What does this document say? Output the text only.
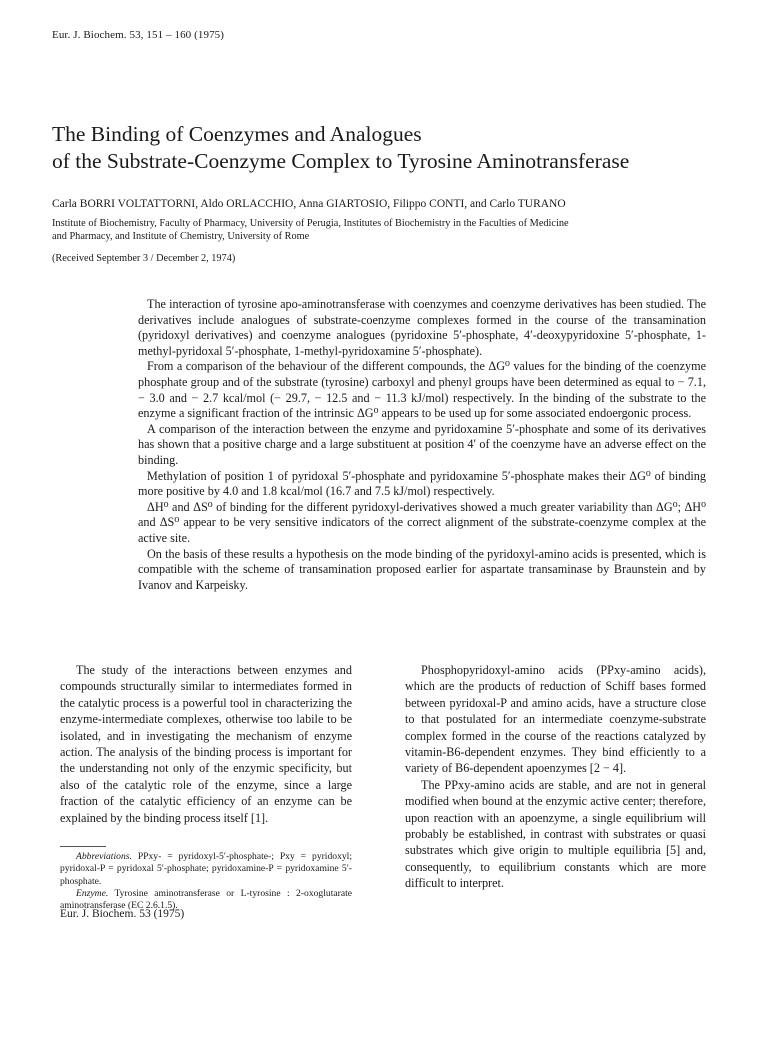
Eur. J. Biochem. 53, 151 – 160 (1975)
The Binding of Coenzymes and Analogues
of the Substrate-Coenzyme Complex to Tyrosine Aminotransferase
Carla BORRI VOLTATTORNI, Aldo ORLACCHIO, Anna GIARTOSIO, Filippo CONTI, and Carlo TURANO
Institute of Biochemistry, Faculty of Pharmacy, University of Perugia, Institutes of Biochemistry in the Faculties of Medicine
and Pharmacy, and Institute of Chemistry, University of Rome
(Received September 3 / December 2, 1974)

The interaction of tyrosine apo-aminotransferase with coenzymes and coenzyme derivatives has been studied. The derivatives include analogues of substrate-coenzyme complexes formed in the course of the transamination (pyridoxyl derivatives) and coenzyme analogues (pyridoxine 5′-phosphate, 4′-deoxypyridoxine 5′-phosphate, 1-methyl-pyridoxal 5′-phosphate, 1-methyl-pyridoxamine 5′-phosphate).

From a comparison of the behaviour of the different compounds, the ΔG⁰ values for the binding of the coenzyme phosphate group and of the substrate (tyrosine) carboxyl and phenyl groups have been determined as equal to − 7.1, − 3.0 and − 2.7 kcal/mol (− 29.7, − 12.5 and − 11.3 kJ/mol) respectively. In the binding of the substrate to the enzyme a significant fraction of the intrinsic ΔG⁰ appears to be used up for some associated endoergonic process.

A comparison of the interaction between the enzyme and pyridoxamine 5′-phosphate and some of its derivatives has shown that a positive charge and a large substituent at position 4′ of the coenzyme have an adverse effect on the binding.

Methylation of position 1 of pyridoxal 5′-phosphate and pyridoxamine 5′-phosphate makes their ΔG⁰ of binding more positive by 4.0 and 1.8 kcal/mol (16.7 and 7.5 kJ/mol) respectively.

ΔH⁰ and ΔS⁰ of binding for the different pyridoxyl-derivatives showed a much greater variability than ΔG⁰; ΔH⁰ and ΔS⁰ appear to be very sensitive indicators of the correct alignment of the substrate-coenzyme complex at the active site.

On the basis of these results a hypothesis on the mode binding of the pyridoxyl-amino acids is presented, which is compatible with the scheme of transamination proposed earlier for aspartate transaminase by Braunstein and by Ivanov and Karpeisky.

The study of the interactions between enzymes and compounds structurally similar to intermediates formed in the catalytic process is a powerful tool in characterizing the enzyme-intermediate complexes, otherwise too labile to be isolated, and in investigating the mechanism of enzyme action. The analysis of the binding process is important for the understanding not only of the enzymic specificity, but also of the catalytic role of the enzyme, since a large fraction of the catalytic efficiency of an enzyme can be explained by the binding process itself [1].

Abbreviations. PPxy- = pyridoxyl-5′-phosphate-; Pxy = pyridoxyl; pyridoxal-P = pyridoxal 5′-phosphate; pyridoxamine-P = pyridoxamine 5′-phosphate.

Enzyme. Tyrosine aminotransferase or L-tyrosine : 2-oxoglutarate aminotransferase (EC 2.6.1.5).

Phosphopyridoxyl-amino acids (PPxy-amino acids), which are the products of reduction of Schiff bases formed between pyridoxal-P and amino acids, have a structure close to that postulated for an intermediate coenzyme-substrate complex formed in the course of the reactions catalyzed by vitamin-B6-dependent enzymes. They bind efficiently to a variety of B6-dependent apoenzymes [2 − 4].

The PPxy-amino acids are stable, and are not in general modified when bound at the enzymic active center; therefore, upon reaction with an apoenzyme, a single equilibrium will probably be established, in contrast with substrates or quasi substrates which give origin to multiple equilibria [5] and, consequently, to equilibrium constants which are more difficult to interpret.

Eur. J. Biochem. 53 (1975)
